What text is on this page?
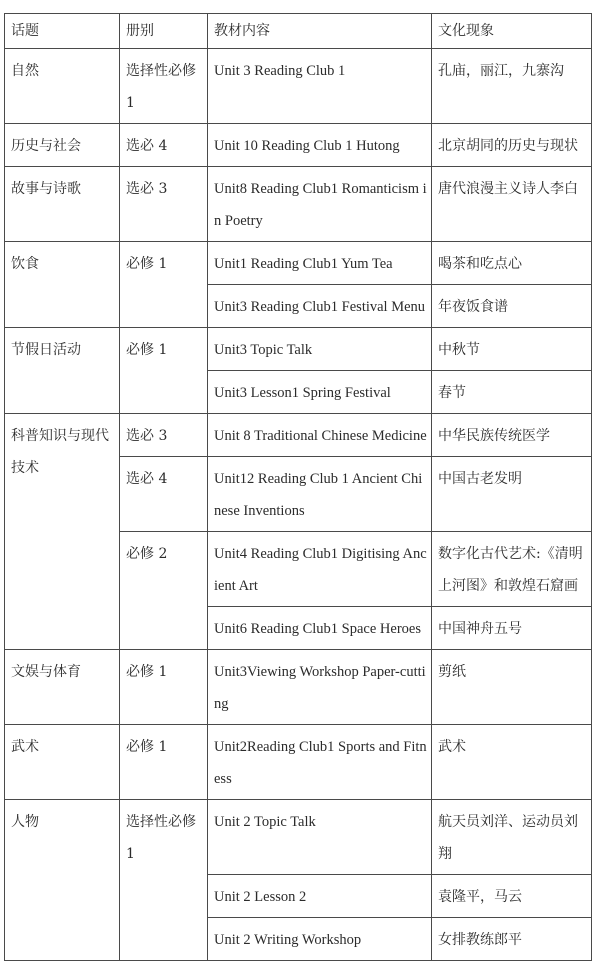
话题	册别	教材内容	文化现象
自然	选择性必修 1	Unit 3 Reading Club 1	孔庙，丽江，九寨沟
历史与社会	选必 4	Unit 10 Reading Club 1 Hutong	北京胡同的历史与现状
故事与诗歌	选必 3	Unit8 Reading Club1 Romanticism in Poetry	唐代浪漫主义诗人李白
饮食	必修 1	Unit1 Reading Club1 Yum Tea	喝茶和吃点心
		Unit3 Reading Club1 Festival Menu	年夜饭食谱
节假日活动	必修 1	Unit3 Topic Talk	中秋节
		Unit3 Lesson1 Spring Festival	春节
科普知识与现代技术	选必 3	Unit 8 Traditional Chinese Medicine	中华民族传统医学
	选必 4	Unit12 Reading Club 1 Ancient Chinese Inventions	中国古老发明
	必修 2	Unit4 Reading Club1 Digitising Ancient Art	数字化古代艺术:《清明上河图》和敦煌石窟画
		Unit6 Reading Club1 Space Heroes	中国神舟五号
文娱与体育	必修 1	Unit3Viewing Workshop Paper-cutting	剪纸
武术	必修 1	Unit2Reading Club1 Sports and Fitness	武术
人物	选择性必修 1	Unit 2 Topic Talk	航天员刘洋、运动员刘翔
		Unit 2 Lesson 2	袁隆平，马云
		Unit 2 Writing Workshop	女排教练郎平
